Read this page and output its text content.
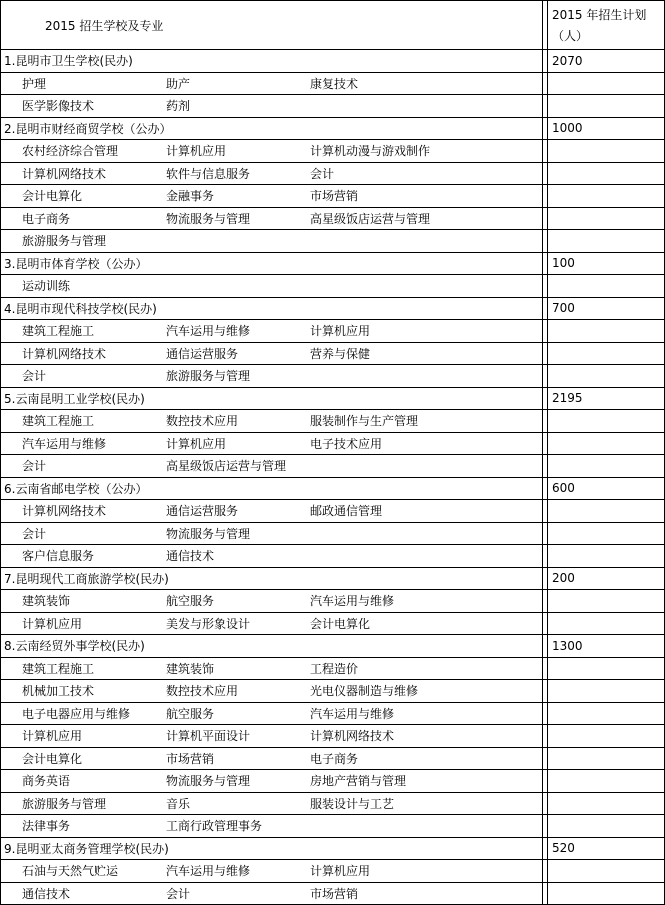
2015 招生学校及专业		2015 年招生计划（人）
1.昆明市卫生学校(民办)		2070

护理 助产 康复技术		

医学影像技术 药剂		

2.昆明市财经商贸学校（公办）		1000

农村经济综合管理 计算机应用 计算机动漫与游戏制作		

计算机网络技术 软件与信息服务 会计		

会计电算化 金融事务 市场营销		

电子商务 物流服务与管理 高星级饭店运营与管理		

旅游服务与管理		

3.昆明市体育学校（公办）		100

运动训练		

4.昆明市现代科技学校(民办)		700

建筑工程施工 汽车运用与维修 计算机应用		

计算机网络技术 通信运营服务 营养与保健		

会计 旅游服务与管理		

5.云南昆明工业学校(民办)		2195

建筑工程施工 数控技术应用 服装制作与生产管理		

汽车运用与维修 计算机应用 电子技术应用		

会计 高星级饭店运营与管理		

6.云南省邮电学校（公办）		600

计算机网络技术 通信运营服务 邮政通信管理		

会计 物流服务与管理		

客户信息服务 通信技术		

7.昆明现代工商旅游学校(民办)		200

建筑装饰 航空服务 汽车运用与维修		

计算机应用 美发与形象设计 会计电算化		

8.云南经贸外事学校(民办)		1300

建筑工程施工 建筑装饰 工程造价		

机械加工技术 数控技术应用 光电仪器制造与维修		

电子电器应用与维修 航空服务 汽车运用与维修		

计算机应用 计算机平面设计 计算机网络技术		

会计电算化 市场营销 电子商务		

商务英语 物流服务与管理 房地产营销与管理		

旅游服务与管理 音乐 服装设计与工艺		

法律事务 工商行政管理事务		

9.昆明亚太商务管理学校(民办)		520

石油与天然气贮运 汽车运用与维修 计算机应用		

通信技术 会计 市场营销		
